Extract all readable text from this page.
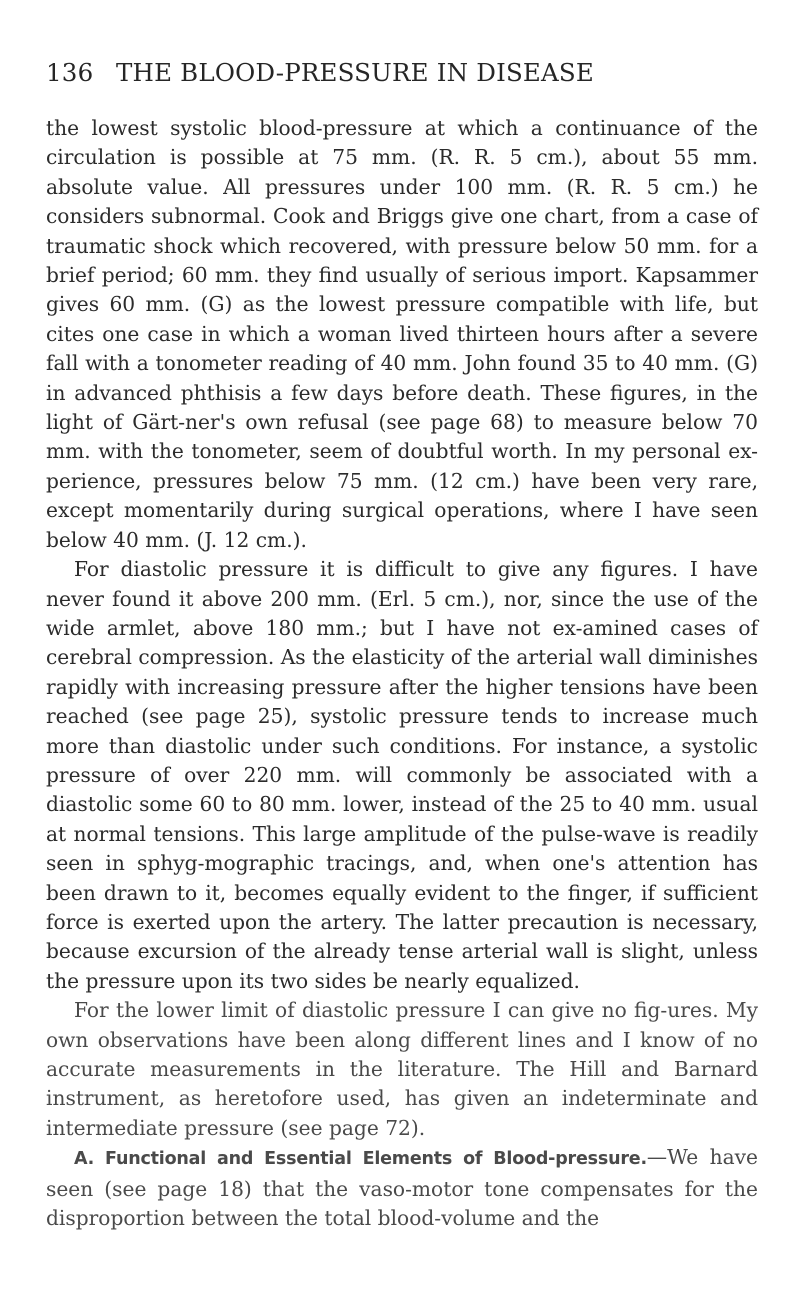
136 THE BLOOD-PRESSURE IN DISEASE

the lowest systolic blood-pressure at which a continuance of the circulation is possible at 75 mm. (R. R. 5 cm.), about 55 mm. absolute value. All pressures under 100 mm. (R. R. 5 cm.) he considers subnormal. Cook and Briggs give one chart, from a case of traumatic shock which recovered, with pressure below 50 mm. for a brief period; 60 mm. they find usually of serious import. Kapsammer gives 60 mm. (G) as the lowest pressure compatible with life, but cites one case in which a woman lived thirteen hours after a severe fall with a tonometer reading of 40 mm. John found 35 to 40 mm. (G) in advanced phthisis a few days before death. These figures, in the light of Gärt-ner's own refusal (see page 68) to measure below 70 mm. with the tonometer, seem of doubtful worth. In my personal ex-perience, pressures below 75 mm. (12 cm.) have been very rare, except momentarily during surgical operations, where I have seen below 40 mm. (J. 12 cm.).

For diastolic pressure it is difficult to give any figures. I have never found it above 200 mm. (Erl. 5 cm.), nor, since the use of the wide armlet, above 180 mm.; but I have not ex-amined cases of cerebral compression. As the elasticity of the arterial wall diminishes rapidly with increasing pressure after the higher tensions have been reached (see page 25), systolic pressure tends to increase much more than diastolic under such conditions. For instance, a systolic pressure of over 220 mm. will commonly be associated with a diastolic some 60 to 80 mm. lower, instead of the 25 to 40 mm. usual at normal tensions. This large amplitude of the pulse-wave is readily seen in sphyg-mographic tracings, and, when one's attention has been drawn to it, becomes equally evident to the finger, if sufficient force is exerted upon the artery. The latter precaution is necessary, because excursion of the already tense arterial wall is slight, unless the pressure upon its two sides be nearly equalized.

For the lower limit of diastolic pressure I can give no fig-ures. My own observations have been along different lines and I know of no accurate measurements in the literature. The Hill and Barnard instrument, as heretofore used, has given an indeterminate and intermediate pressure (see page 72).

A. Functional and Essential Elements of Blood-pressure.—We have seen (see page 18) that the vaso-motor tone compensates for the disproportion between the total blood-volume and the
